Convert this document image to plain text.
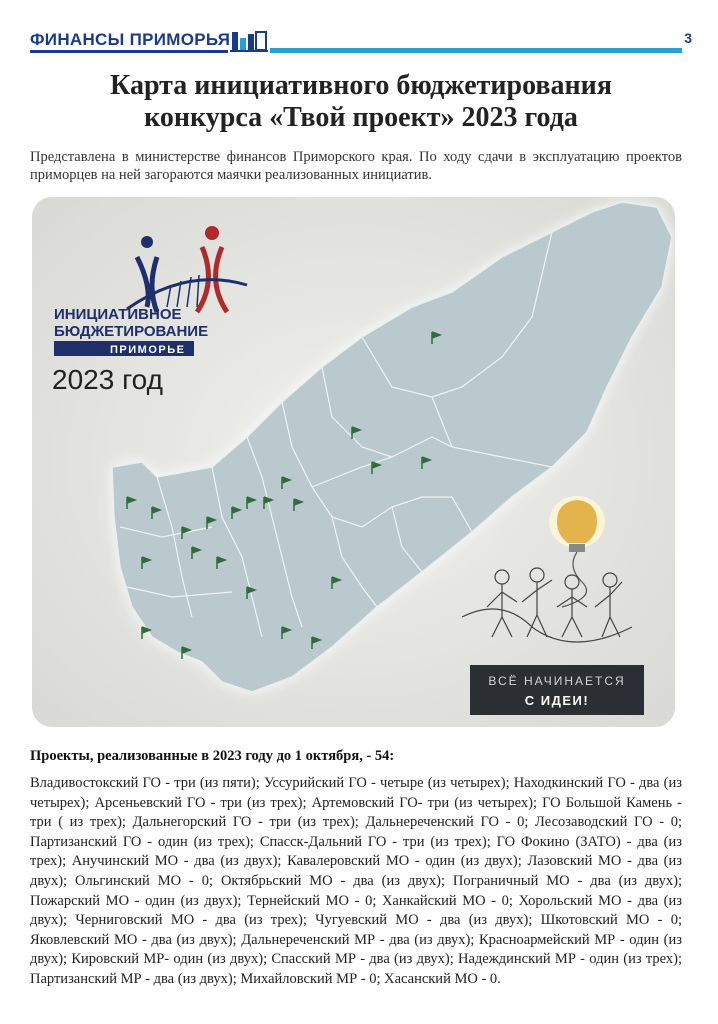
ФИНАНСЫ ПРИМОРЬЯ	3
Карта инициативного бюджетирования
конкурса «Твой проект» 2023 года
Представлена в министерстве финансов Приморского края. По ходу сдачи в эксплуатацию проектов приморцев на ней загораются маячки реализованных инициатив.
ИНИЦИАТИВНОЕ
БЮДЖЕТИРОВАНИЕ
ПРИМОРЬЕ
2023 год
ВСЁ НАЧИНАЕТСЯ
С ИДЕИ!
Проекты, реализованные в 2023 году до 1 октября, - 54:
Владивостокский ГО - три (из пяти); Уссурийский ГО - четыре (из четырех); Находкинский ГО - два (из четырех); Арсеньевский ГО - три (из трех); Артемовский ГО- три (из четырех); ГО Большой Камень - три ( из трех); Дальнегорский ГО - три (из трех); Дальнереченский ГО - 0; Лесозаводский ГО - 0; Партизанский ГО - один (из трех); Спасск-Дальний ГО - три (из трех); ГО Фокино (ЗАТО) - два (из трех); Анучинский МО - два (из двух); Кавалеровский МО - один (из двух); Лазовский МО - два (из двух); Ольгинский МО - 0; Октябрьский МО - два (из двух); Пограничный МО - два (из двух); Пожарский МО - один (из двух); Тернейский МО - 0; Ханкайский МО - 0; Хорольский МО - два (из двух); Черниговский МО - два (из трех); Чугуевский МО - два (из двух); Шкотовский МО - 0; Яковлевский МО - два (из двух); Дальнереченский МР - два (из двух); Красноармейский МР - один (из двух); Кировский МР- один (из двух); Спасский МР - два (из двух); Надеждинский МР - один (из трех); Партизанский МР - два (из двух); Михайловский МР - 0; Хасанский МО - 0.
